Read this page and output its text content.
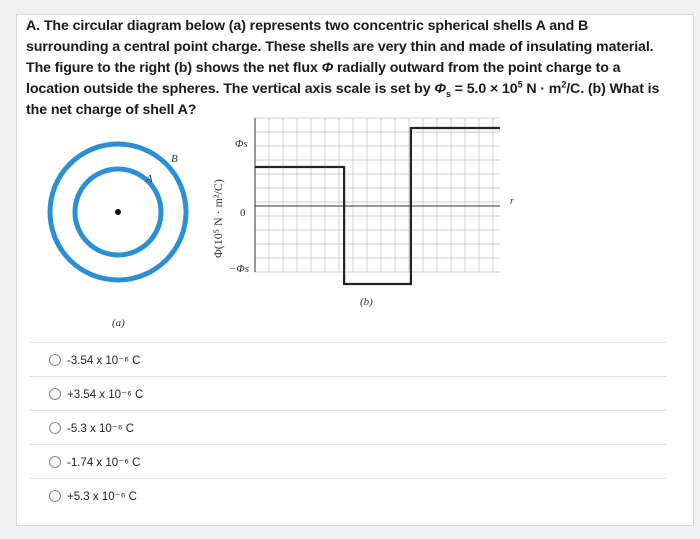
A. The circular diagram below (a) represents two concentric spherical shells A and B surrounding a central point charge. These shells are very thin and made of insulating material. The figure to the right (b) shows the net flux Φ radially outward from the point charge to a location outside the spheres. The vertical axis scale is set by $\Phi_s = 5.0 \times 10^5$ $N \cdot m^2/C$. (b) What is the net charge of shell A?
A
B
(a)
Φ(10⁵ N · m²/C)
Φs
0
−Φs
r
(b)
-3.54 x 10⁻⁶ C
+3.54 x 10⁻⁶ C
-5.3 x 10⁻⁶ C
-1.74 x 10⁻⁶ C
+5.3 x 10⁻⁶ C
